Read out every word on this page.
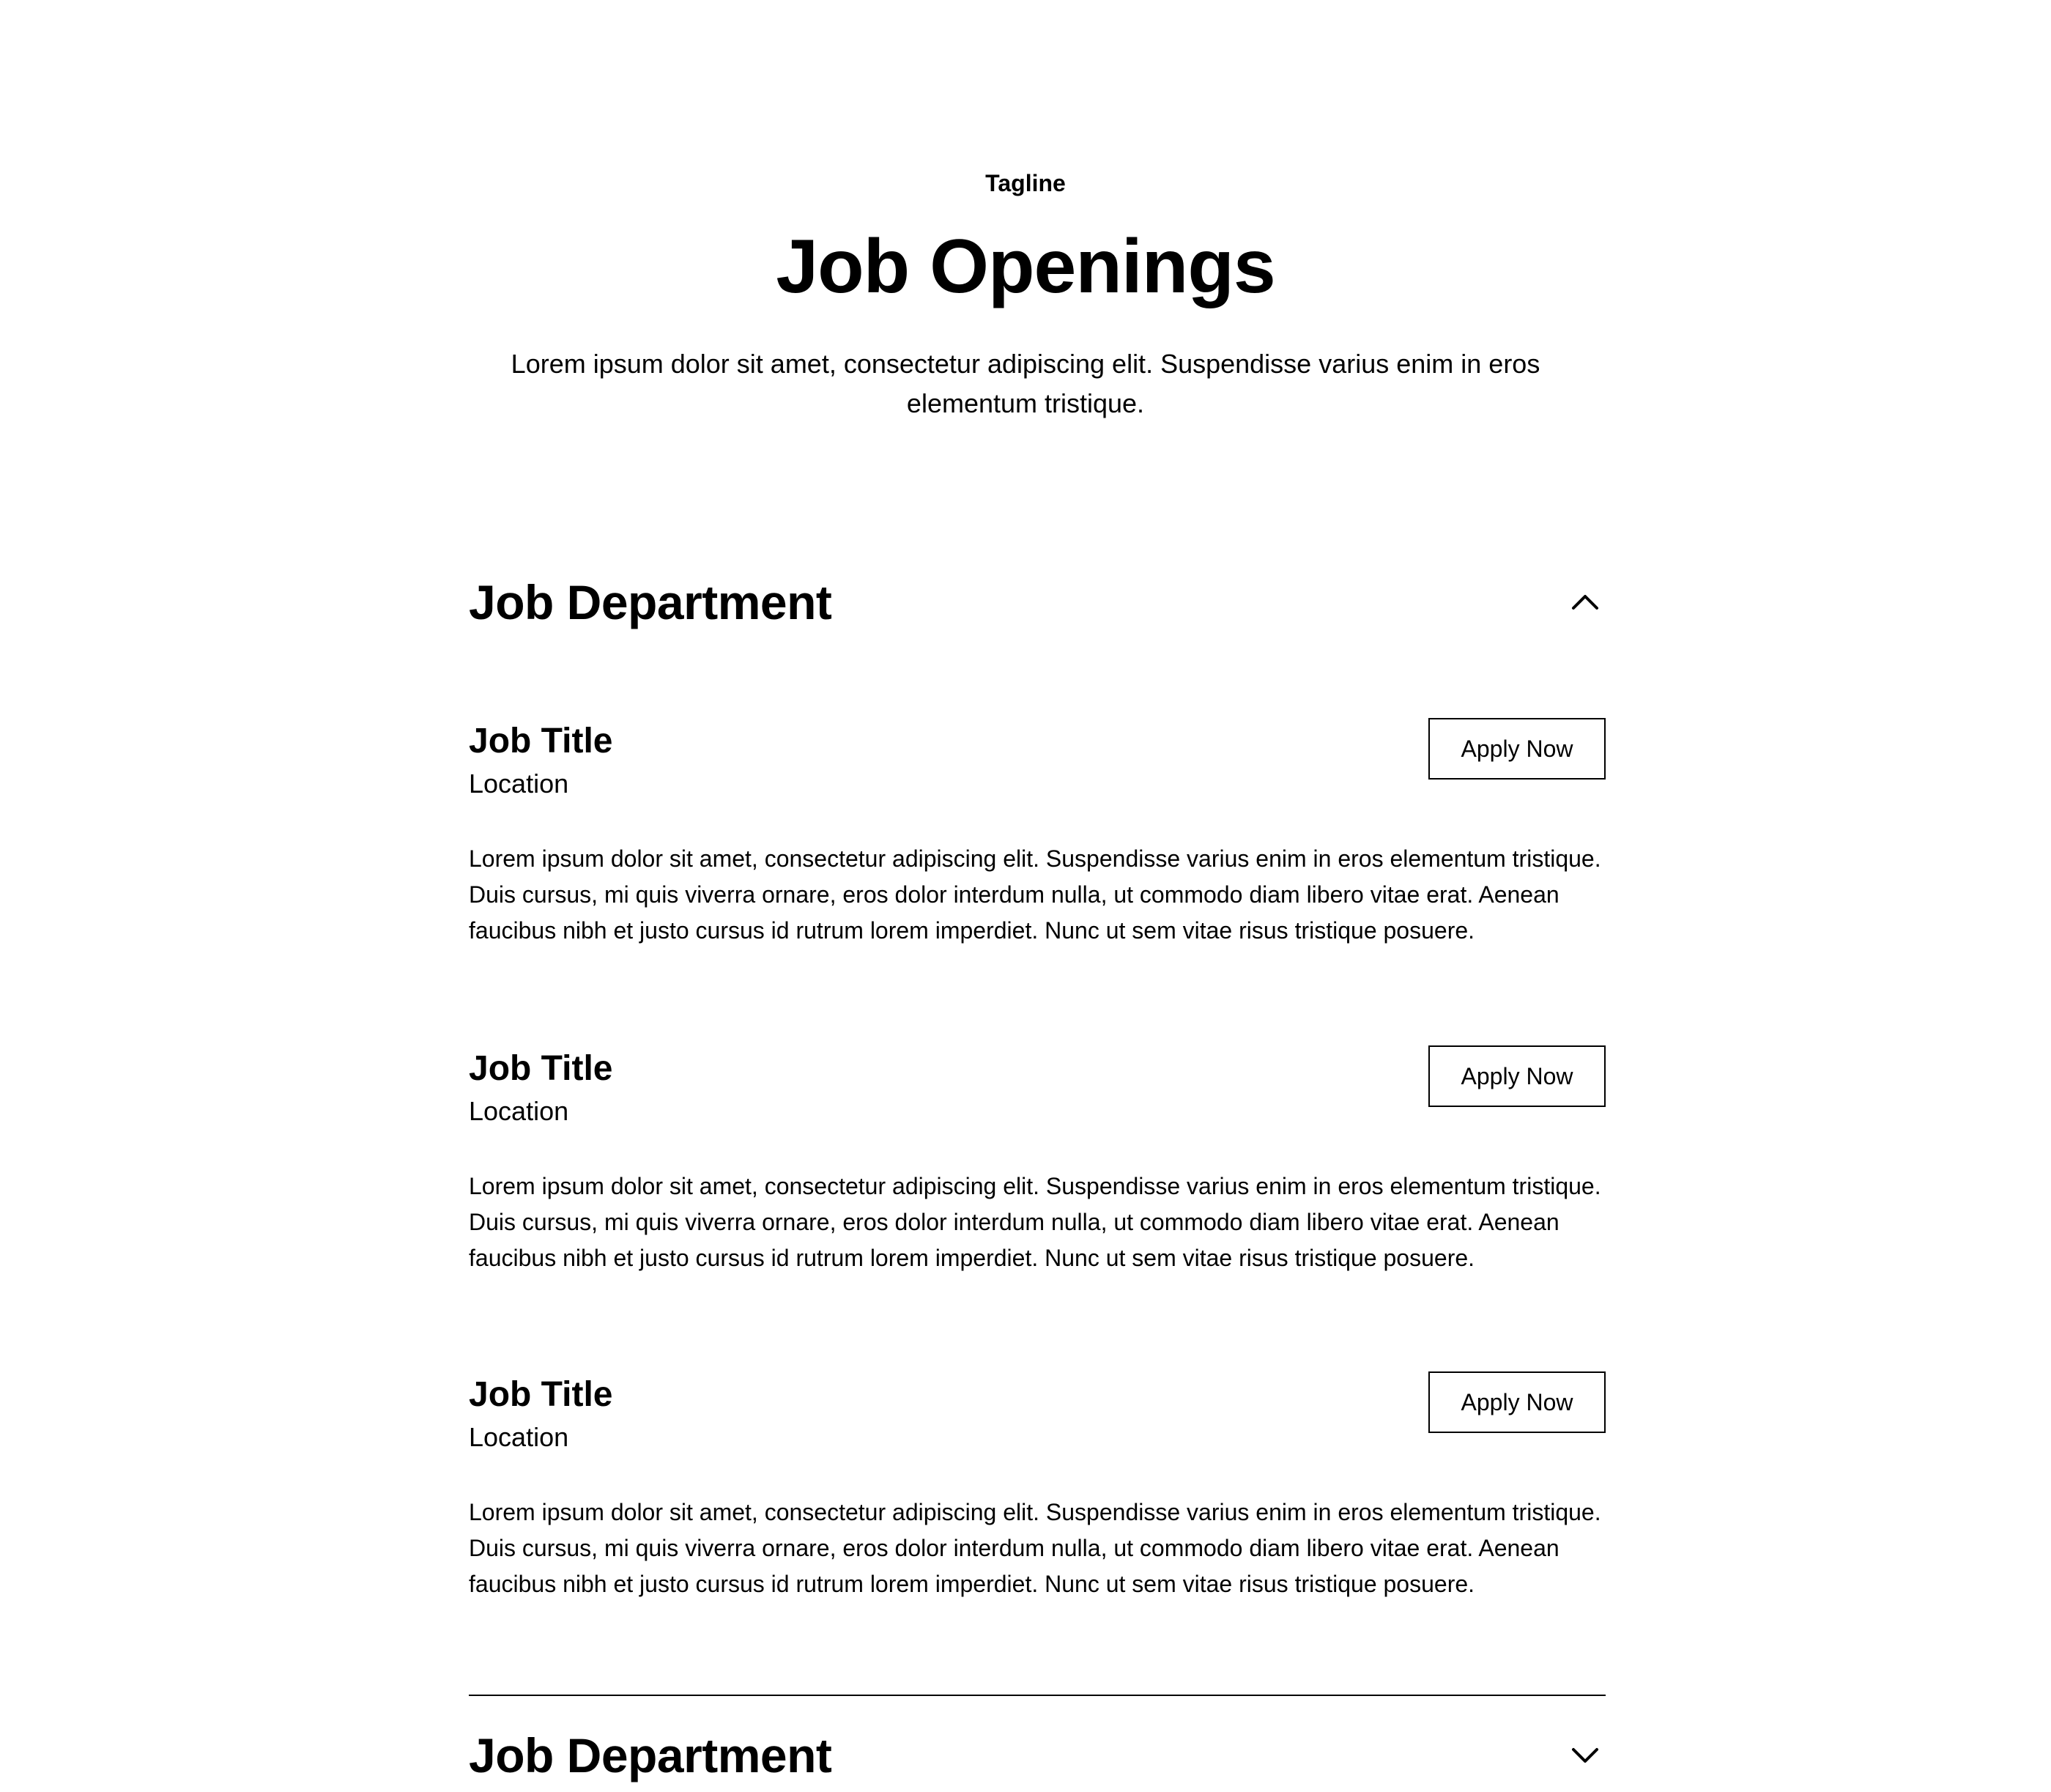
Tagline
Job Openings

Lorem ipsum dolor sit amet, consectetur adipiscing elit. Suspendisse varius enim in eros elementum tristique.

Job Department
Job Title
Location
Apply Now

Lorem ipsum dolor sit amet, consectetur adipiscing elit. Suspendisse varius enim in eros elementum tristique. Duis cursus, mi quis viverra ornare, eros dolor interdum nulla, ut commodo diam libero vitae erat. Aenean faucibus nibh et justo cursus id rutrum lorem imperdiet. Nunc ut sem vitae risus tristique posuere.

Job Title
Location
Apply Now

Lorem ipsum dolor sit amet, consectetur adipiscing elit. Suspendisse varius enim in eros elementum tristique. Duis cursus, mi quis viverra ornare, eros dolor interdum nulla, ut commodo diam libero vitae erat. Aenean faucibus nibh et justo cursus id rutrum lorem imperdiet. Nunc ut sem vitae risus tristique posuere.

Job Title
Location
Apply Now

Lorem ipsum dolor sit amet, consectetur adipiscing elit. Suspendisse varius enim in eros elementum tristique. Duis cursus, mi quis viverra ornare, eros dolor interdum nulla, ut commodo diam libero vitae erat. Aenean faucibus nibh et justo cursus id rutrum lorem imperdiet. Nunc ut sem vitae risus tristique posuere.

Job Department
